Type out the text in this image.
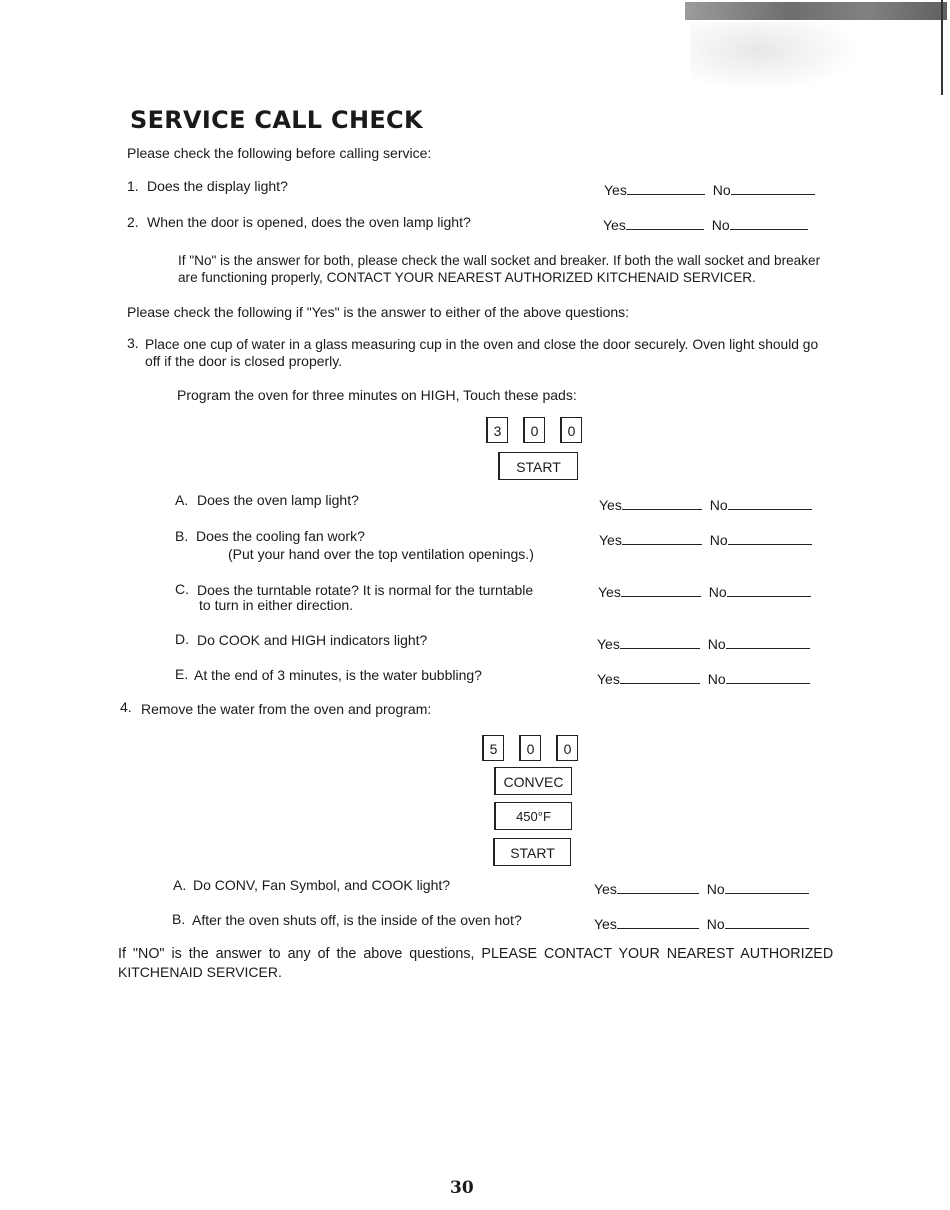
SERVICE CALL CHECK
Please check the following before calling service:
1. Does the display light?	Yes	No
2. When the door is opened, does the oven lamp light?	Yes	No
If "No" is the answer for both, please check the wall socket and breaker. If both the wall socket and breaker
are functioning properly, CONTACT YOUR NEAREST AUTHORIZED KITCHENAID SERVICER.
Please check the following if "Yes" is the answer to either of the above questions:
3. Place one cup of water in a glass measuring cup in the oven and close the door securely. Oven light should go
off if the door is closed properly.
Program the oven for three minutes on HIGH, Touch these pads:
3	0	0
START
A. Does the oven lamp light?	Yes	No
B. Does the cooling fan work?
(Put your hand over the top ventilation openings.)
Yes	No
C. Does the turntable rotate? It is normal for the turntable
to turn in either direction.
Yes	No
D. Do COOK and HIGH indicators light?	Yes	No
E. At the end of 3 minutes, is the water bubbling?	Yes	No
4. Remove the water from the oven and program:
5	0	0
CONVEC
450°F
START
A. Do CONV, Fan Symbol, and COOK light?	Yes	No
B. After the oven shuts off, is the inside of the oven hot?	Yes	No
If "NO" is the answer to any of the above questions, PLEASE CONTACT YOUR NEAREST AUTHORIZED
KITCHENAID SERVICER.
30
